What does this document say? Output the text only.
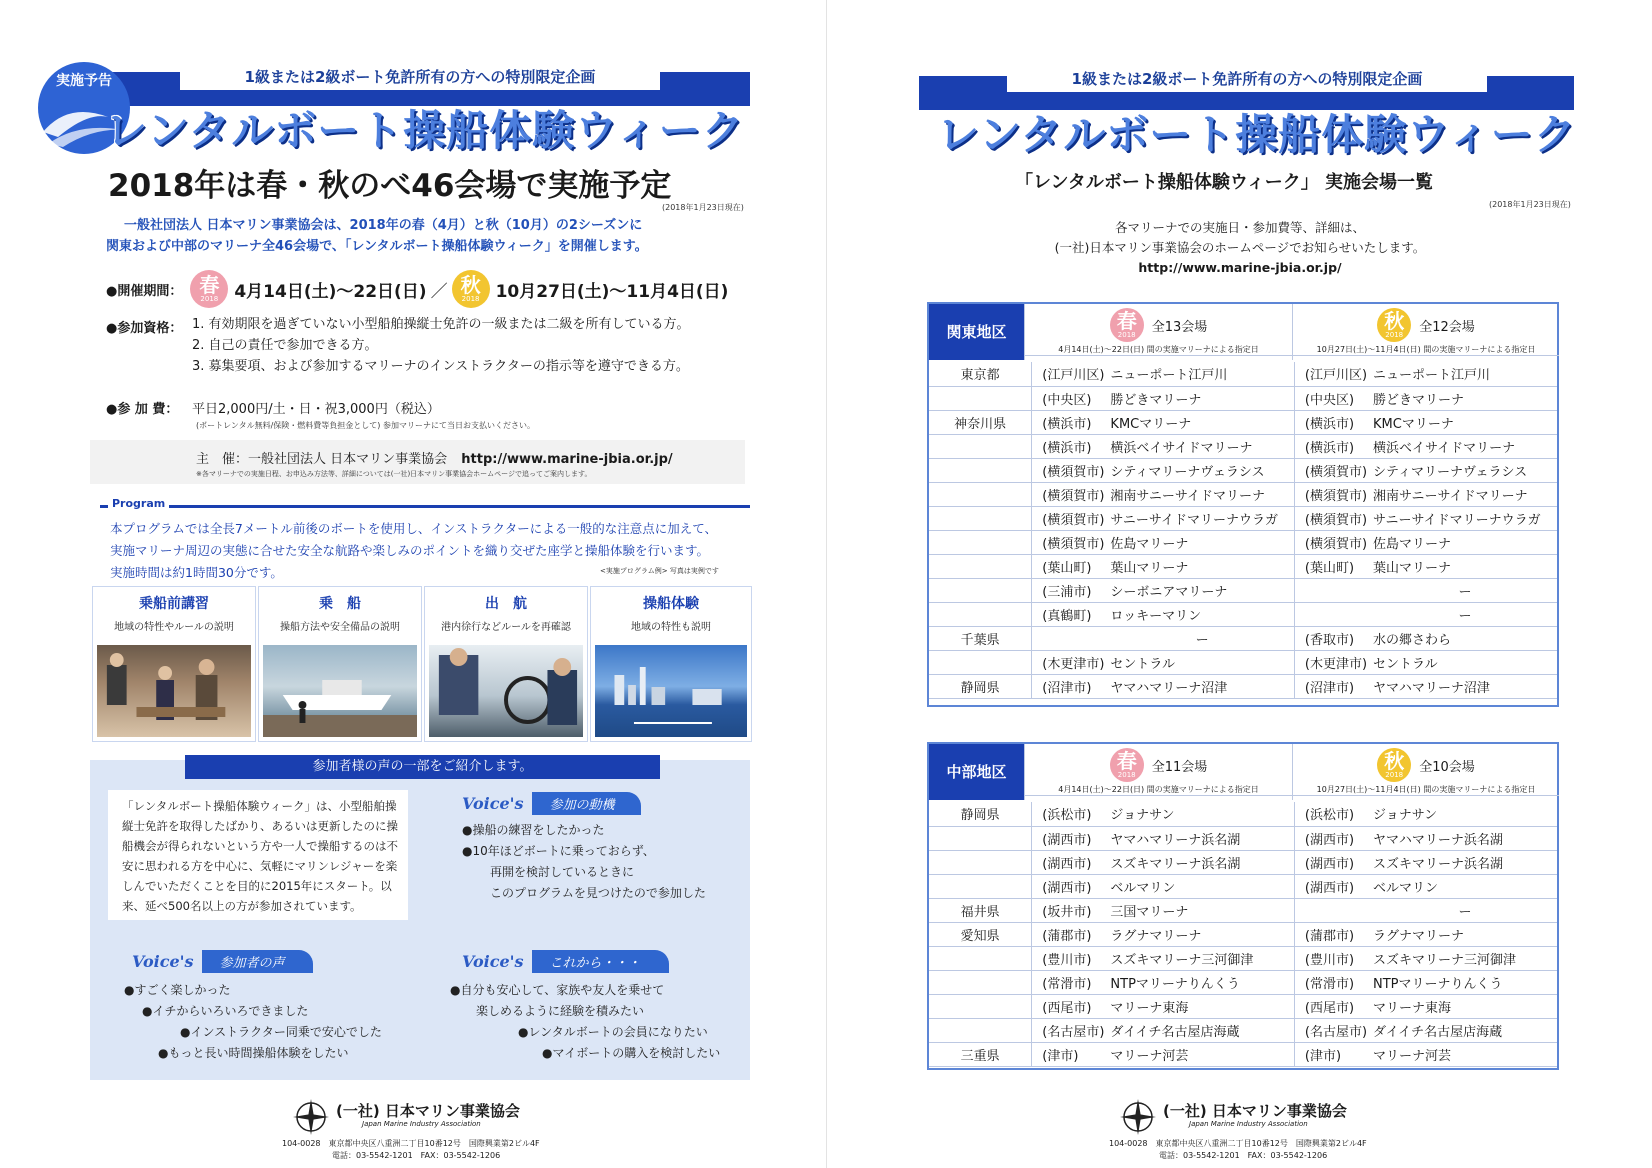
1級または2級ボート免許所有の方への特別限定企画
実施予告
レンタルボート操船体験ウィーク
2018年は春・秋のべ46会場で実施予定
(2018年1月23日現在)
一般社団法人 日本マリン事業協会は、2018年の春（4月）と秋（10月）の2シーズンに
関東および中部のマリーナ全46会場で、「レンタルボート操船体験ウィーク」を開催します。
●開催期間： 春
2018 4月14日(土)〜22日(日) ／ 秋
2018 10月27日(土)〜11月4日(日)
●参加資格： 1. 有効期限を過ぎていない小型船舶操縦士免許の一級または二級を所有している方。
2. 自己の責任で参加できる方。
3. 募集要項、および参加するマリーナのインストラクターの指示等を遵守できる方。
●参 加 費：	平日2,000円/土・日・祝3,000円（税込）
(ボートレンタル無料/保険・燃料費等負担金として) 参加マリーナにて当日お支払いください。
主　催：一般社団法人 日本マリン事業協会 http://www.marine-jbia.or.jp/
※各マリーナでの実施日程、お申込み方法等、詳細については(一社)日本マリン事業協会ホームページで追ってご案内します。
Program
本プログラムでは全長7メートル前後のボートを使用し、インストラクターによる一般的な注意点に加えて、
実施マリーナ周辺の実態に合せた安全な航路や楽しみのポイントを織り交ぜた座学と操船体験を行います。
実施時間は約1時間30分です。	<実施プログラム例> 写真は実例です
乗船前講習
地域の特性やルールの説明
乗　船
操船方法や安全備品の説明
出　航
港内徐行などルールを再確認
操船体験
地域の特性も説明
参加者様の声の一部をご紹介します。
「レンタルボート操船体験ウィーク」は、小型船舶操縦士免許を取得したばかり、あるいは更新したのに操船機会が得られないという方や一人で操船するのは不安に思われる方を中心に、気軽にマリンレジャーを楽しんでいただくことを目的に2015年にスタート。以来、延べ500名以上の方が参加されています。
Voice's	参加の動機
●操船の練習をしたかった
●10年ほどボートに乗っておらず、
再開を検討しているときに
このプログラムを見つけたので参加した
Voice's	参加者の声
●すごく楽しかった
●イチからいろいろできました
●インストラクター同乗で安心でした
●もっと長い時間操船体験をしたい
Voice's	これから・・・
●自分も安心して、家族や友人を乗せて
楽しめるように経験を積みたい
●レンタルボートの会員になりたい
●マイボートの購入を検討したい
(一社) 日本マリン事業協会
Japan Marine Industry Association
104-0028　東京都中央区八重洲二丁目10番12号　国際興業第2ビル4F
電話：03-5542-1201　FAX：03-5542-1206
1級または2級ボート免許所有の方への特別限定企画
レンタルボート操船体験ウィーク
「レンタルボート操船体験ウィーク」 実施会場一覧
(2018年1月23日現在)
各マリーナでの実施日・参加費等、詳細は、
(一社)日本マリン事業協会のホームページでお知らせいたします。
http://www.marine-jbia.or.jp/
関東地区	春
2018
全13会場
4月14日(土)〜22日(日) 間の実施マリーナによる指定日
秋
2018
全12会場
10月27日(土)〜11月4日(日) 間の実施マリーナによる指定日
東京都	(江戸川区)	ニューポート江戸川	(江戸川区)	ニューポート江戸川
	(中央区)	勝どきマリーナ	(中央区)	勝どきマリーナ
神奈川県	(横浜市)	KMCマリーナ	(横浜市)	KMCマリーナ
	(横浜市)	横浜ベイサイドマリーナ	(横浜市)	横浜ベイサイドマリーナ
	(横須賀市)	シティマリーナヴェラシス	(横須賀市)	シティマリーナヴェラシス
	(横須賀市)	湘南サニーサイドマリーナ	(横須賀市)	湘南サニーサイドマリーナ
	(横須賀市)	サニーサイドマリーナウラガ	(横須賀市)	サニーサイドマリーナウラガ
	(横須賀市)	佐島マリーナ	(横須賀市)	佐島マリーナ
	(葉山町)	葉山マリーナ	(葉山町)	葉山マリーナ
	(三浦市)	シーボニアマリーナ		ー
	(真鶴町)	ロッキーマリン		ー
千葉県		ー	(香取市)	水の郷さわら
	(木更津市)	セントラル	(木更津市)	セントラル
静岡県	(沼津市)	ヤマハマリーナ沼津	(沼津市)	ヤマハマリーナ沼津
中部地区	春
2018
全11会場
4月14日(土)〜22日(日) 間の実施マリーナによる指定日
秋
2018
全10会場
10月27日(土)〜11月4日(日) 間の実施マリーナによる指定日
静岡県	(浜松市)	ジョナサン	(浜松市)	ジョナサン
	(湖西市)	ヤマハマリーナ浜名湖	(湖西市)	ヤマハマリーナ浜名湖
	(湖西市)	スズキマリーナ浜名湖	(湖西市)	スズキマリーナ浜名湖
	(湖西市)	ベルマリン	(湖西市)	ベルマリン
福井県	(坂井市)	三国マリーナ		ー
愛知県	(蒲郡市)	ラグナマリーナ	(蒲郡市)	ラグナマリーナ
	(豊川市)	スズキマリーナ三河御津	(豊川市)	スズキマリーナ三河御津
	(常滑市)	NTPマリーナりんくう	(常滑市)	NTPマリーナりんくう
	(西尾市)	マリーナ東海	(西尾市)	マリーナ東海
	(名古屋市)	ダイイチ名古屋店海蔵	(名古屋市)	ダイイチ名古屋店海蔵
三重県	(津市)	マリーナ河芸	(津市)	マリーナ河芸
(一社) 日本マリン事業協会
Japan Marine Industry Association
104-0028　東京都中央区八重洲二丁目10番12号　国際興業第2ビル4F
電話：03-5542-1201　FAX：03-5542-1206
